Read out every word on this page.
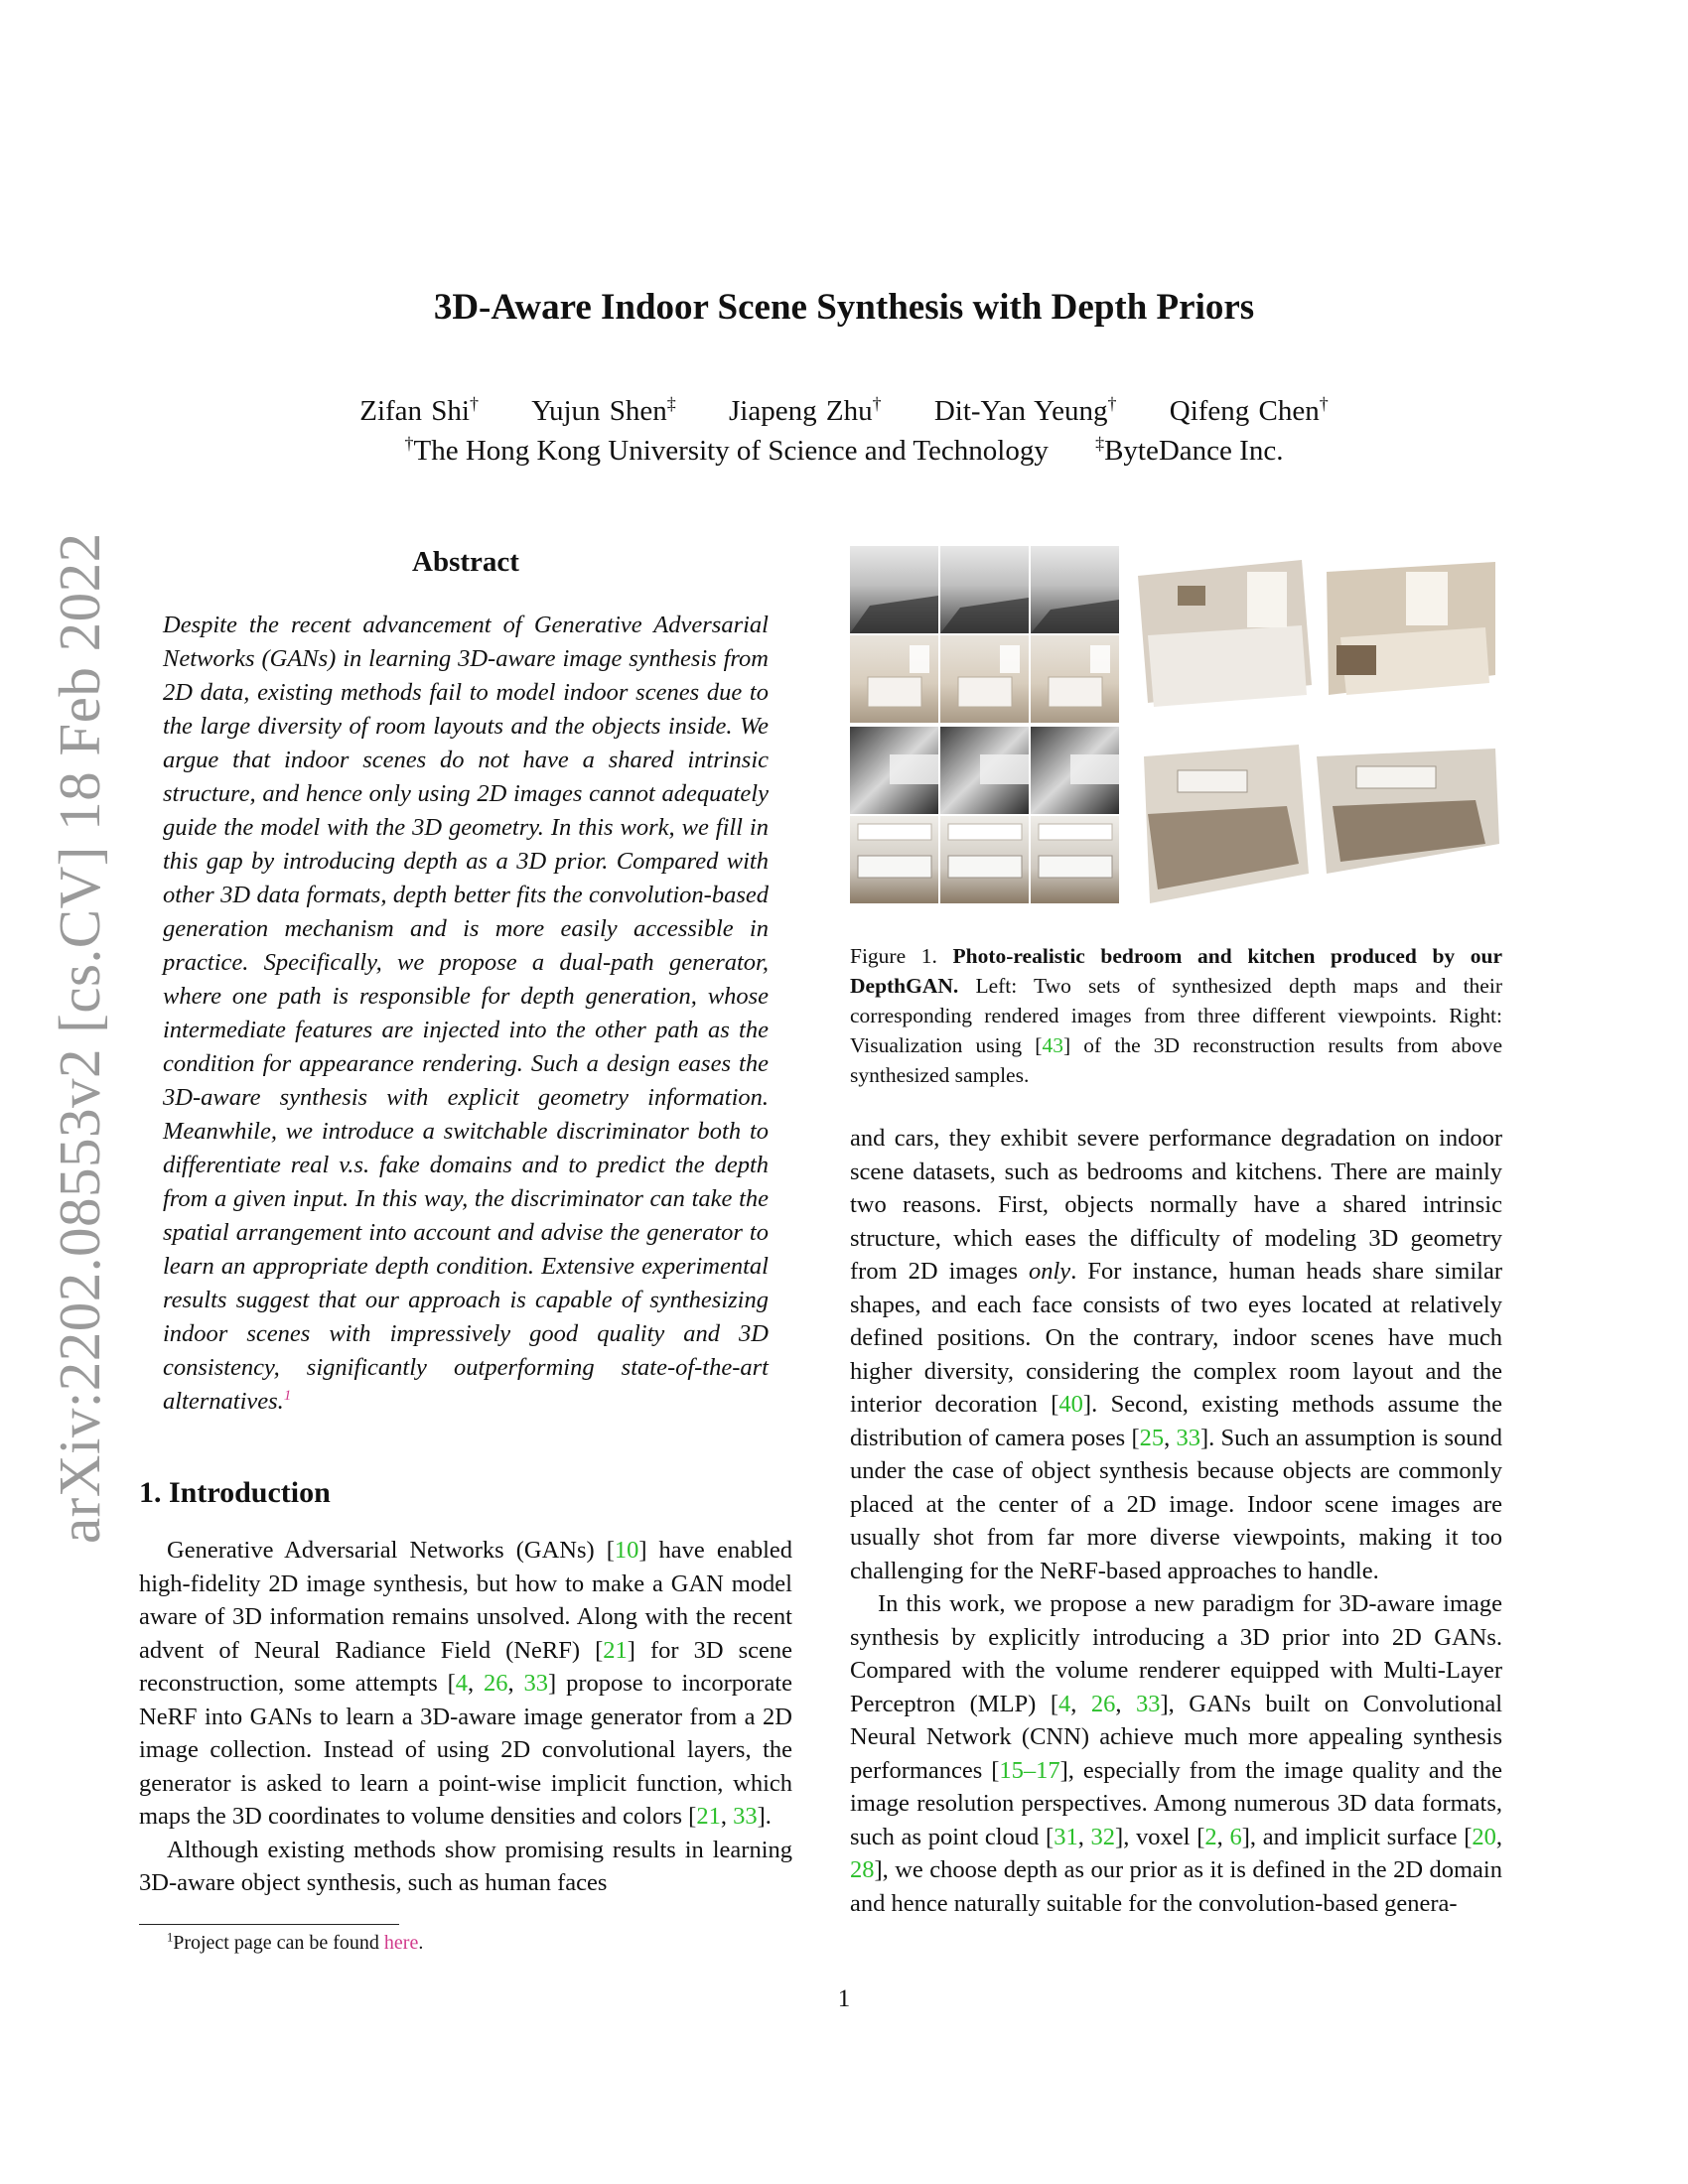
arXiv:2202.08553v2 [cs.CV] 18 Feb 2022
3D-Aware Indoor Scene Synthesis with Depth Priors
Zifan Shi† Yujun Shen‡ Jiapeng Zhu† Dit-Yan Yeung† Qifeng Chen†
†The Hong Kong University of Science and Technology	‡ByteDance Inc.
Abstract
Despite the recent advancement of Generative Adversarial Networks (GANs) in learning 3D-aware image synthesis from 2D data, existing methods fail to model indoor scenes due to the large diversity of room layouts and the objects inside. We argue that indoor scenes do not have a shared intrinsic structure, and hence only using 2D images cannot adequately guide the model with the 3D geometry. In this work, we fill in this gap by introducing depth as a 3D prior. Compared with other 3D data formats, depth better fits the convolution-based generation mechanism and is more easily accessible in practice. Specifically, we propose a dual-path generator, where one path is responsible for depth generation, whose intermediate features are injected into the other path as the condition for appearance rendering. Such a design eases the 3D-aware synthesis with explicit geometry information. Meanwhile, we introduce a switchable discriminator both to differentiate real v.s. fake domains and to predict the depth from a given input. In this way, the discriminator can take the spatial arrangement into account and advise the generator to learn an appropriate depth condition. Extensive experimental results suggest that our approach is capable of synthesizing indoor scenes with impressively good quality and 3D consistency, significantly outperforming state-of-the-art alternatives.$^1$
1. Introduction

Generative Adversarial Networks (GANs) [10] have enabled high-fidelity 2D image synthesis, but how to make a GAN model aware of 3D information remains unsolved. Along with the recent advent of Neural Radiance Field (NeRF) [21] for 3D scene reconstruction, some attempts [4, 26, 33] propose to incorporate NeRF into GANs to learn a 3D-aware image generator from a 2D image collection. Instead of using 2D convolutional layers, the generator is asked to learn a point-wise implicit function, which maps the 3D coordinates to volume densities and colors [21, 33].

Although existing methods show promising results in learning 3D-aware object synthesis, such as human faces

$^1$Project page can be found here.
Figure 1. Photo-realistic bedroom and kitchen produced by our DepthGAN. Left: Two sets of synthesized depth maps and their corresponding rendered images from three different viewpoints. Right: Visualization using [43] of the 3D reconstruction results from above synthesized samples.

and cars, they exhibit severe performance degradation on indoor scene datasets, such as bedrooms and kitchens. There are mainly two reasons. First, objects normally have a shared intrinsic structure, which eases the difficulty of modeling 3D geometry from 2D images only. For instance, human heads share similar shapes, and each face consists of two eyes located at relatively defined positions. On the contrary, indoor scenes have much higher diversity, considering the complex room layout and the interior decoration [40]. Second, existing methods assume the distribution of camera poses [25, 33]. Such an assumption is sound under the case of object synthesis because objects are commonly placed at the center of a 2D image. Indoor scene images are usually shot from far more diverse viewpoints, making it too challenging for the NeRF-based approaches to handle.

In this work, we propose a new paradigm for 3D-aware image synthesis by explicitly introducing a 3D prior into 2D GANs. Compared with the volume renderer equipped with Multi-Layer Perceptron (MLP) [4, 26, 33], GANs built on Convolutional Neural Network (CNN) achieve much more appealing synthesis performances [15–17], especially from the image quality and the image resolution perspectives. Among numerous 3D data formats, such as point cloud [31, 32], voxel [2, 6], and implicit surface [20, 28], we choose depth as our prior as it is defined in the 2D domain and hence naturally suitable for the convolution-based genera-

1
